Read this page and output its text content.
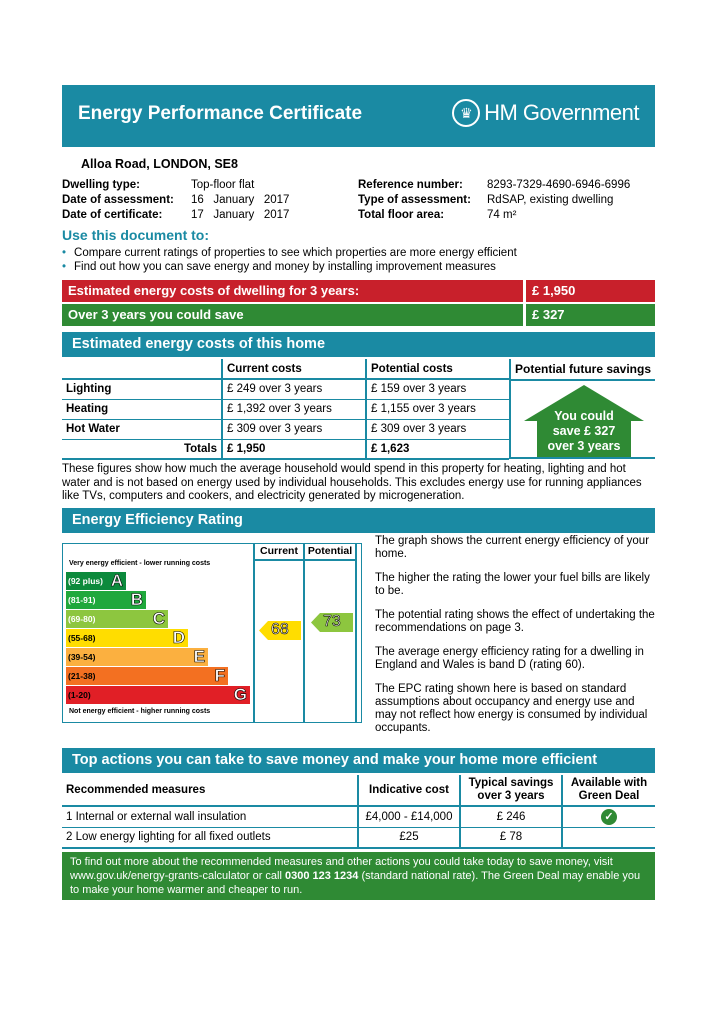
Energy Performance Certificate	♛ HM Government
Alloa Road, LONDON, SE8
Dwelling type:	Top-floor flat
Date of assessment:	16   January   2017
Date of certificate:	17   January   2017
Reference number:	8293-7329-4690-6946-6996
Type of assessment:	RdSAP, existing dwelling
Total floor area:	74 m²
Use this document to:
• Compare current ratings of properties to see which properties are more energy efficient
• Find out how you can save energy and money by installing improvement measures
Estimated energy costs of dwelling for 3 years:	£ 1,950
Over 3 years you could save	£ 327
Estimated energy costs of this home
	Current costs	Potential costs
Lighting	£ 249 over 3 years	£ 159 over 3 years
Heating	£ 1,392 over 3 years	£ 1,155 over 3 years
Hot Water	£ 309 over 3 years	£ 309 over 3 years
Totals	£ 1,950	£ 1,623
Potential future savings
You could
save £ 327
over 3 years
These figures show how much the average household would spend in this property for heating, lighting and hot water and is not based on energy used by individual households. This excludes energy use for running appliances like TVs, computers and cookers, and electricity generated by microgeneration.
Energy Efficiency Rating
Very energy efficient - lower running costs
Not energy efficient - higher running costs
(92 plus) A
(81-91) B
(69-80)	C
(55-68)	D
(39-54)	E
(21-38)	F
(1-20)	G
Current Potential
68 73

The graph shows the current energy efficiency of your home.

The higher the rating the lower your fuel bills are likely to be.

The potential rating shows the effect of undertaking the recommendations on page 3.

The average energy efficiency rating for a dwelling in England and Wales is band D (rating 60).

The EPC rating shown here is based on standard assumptions about occupancy and energy use and may not reflect how energy is consumed by individual occupants.

Top actions you can take to save money and make your home more efficient
Recommended measures	Indicative cost	Typical savings over 3 years	Available with Green Deal
1 Internal or external wall insulation	£4,000 - £14,000	£ 246	✓
2 Low energy lighting for all fixed outlets	£25	£ 78	
To find out more about the recommended measures and other actions you could take today to save money, visit www.gov.uk/energy-grants-calculator or call 0300 123 1234 (standard national rate). The Green Deal may enable you to make your home warmer and cheaper to run.
